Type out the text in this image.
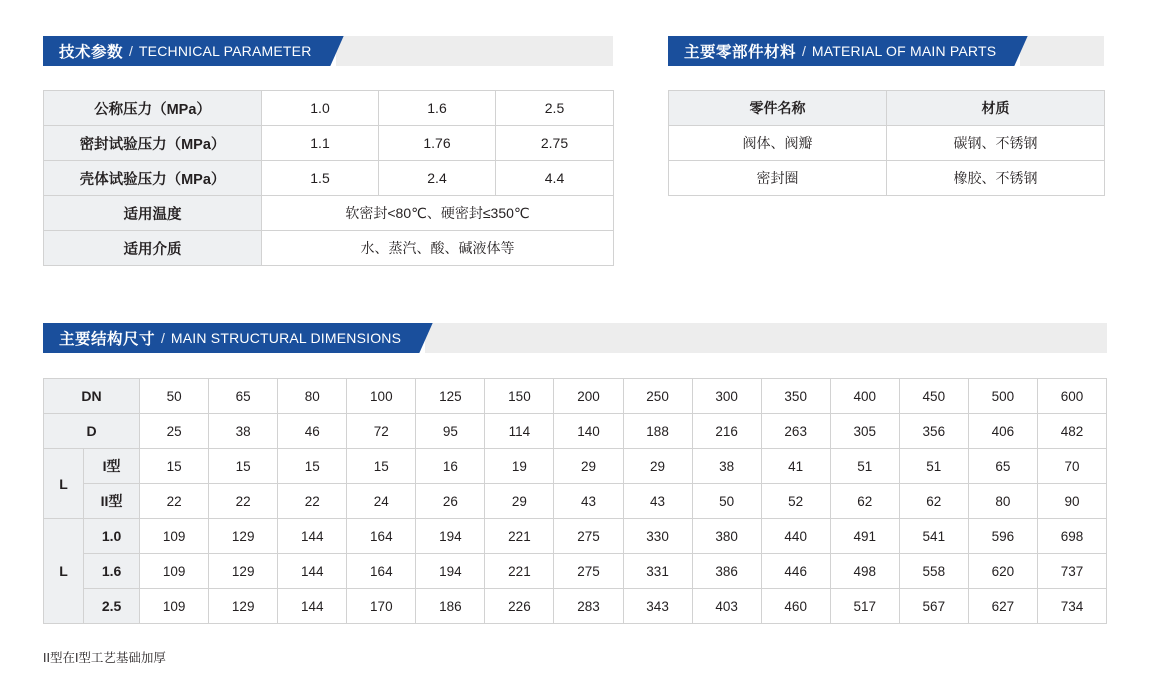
技术参数 / TECHNICAL PARAMETER	主要零部件材料 / MATERIAL OF MAIN PARTS
公称压力（MPa）	1.0	1.6	2.5
密封试验压力（MPa）	1.1	1.76	2.75
壳体试验压力（MPa）	1.5	2.4	4.4
适用温度	软密封<80℃、硬密封≤350℃		
适用介质	水、蒸汽、酸、碱液体等		
零件名称	材质
阀体、阀瓣	碳钢、不锈钢
密封圈	橡胶、不锈钢
主要结构尺寸 / MAIN STRUCTURAL DIMENSIONS
DN		50	65	80	100	125	150	200	250	300	350	400	450	500	600
D		25	38	46	72	95	114	140	188	216	263	305	356	406	482
L	I型	15	15	15	15	16	19	29	29	38	41	51	51	65	70
	II型	22	22	22	24	26	29	43	43	50	52	62	62	80	90
L	1.0	109	129	144	164	194	221	275	330	380	440	491	541	596	698
	1.6	109	129	144	164	194	221	275	331	386	446	498	558	620	737
	2.5	109	129	144	170	186	226	283	343	403	460	517	567	627	734
II型在I型工艺基础加厚
